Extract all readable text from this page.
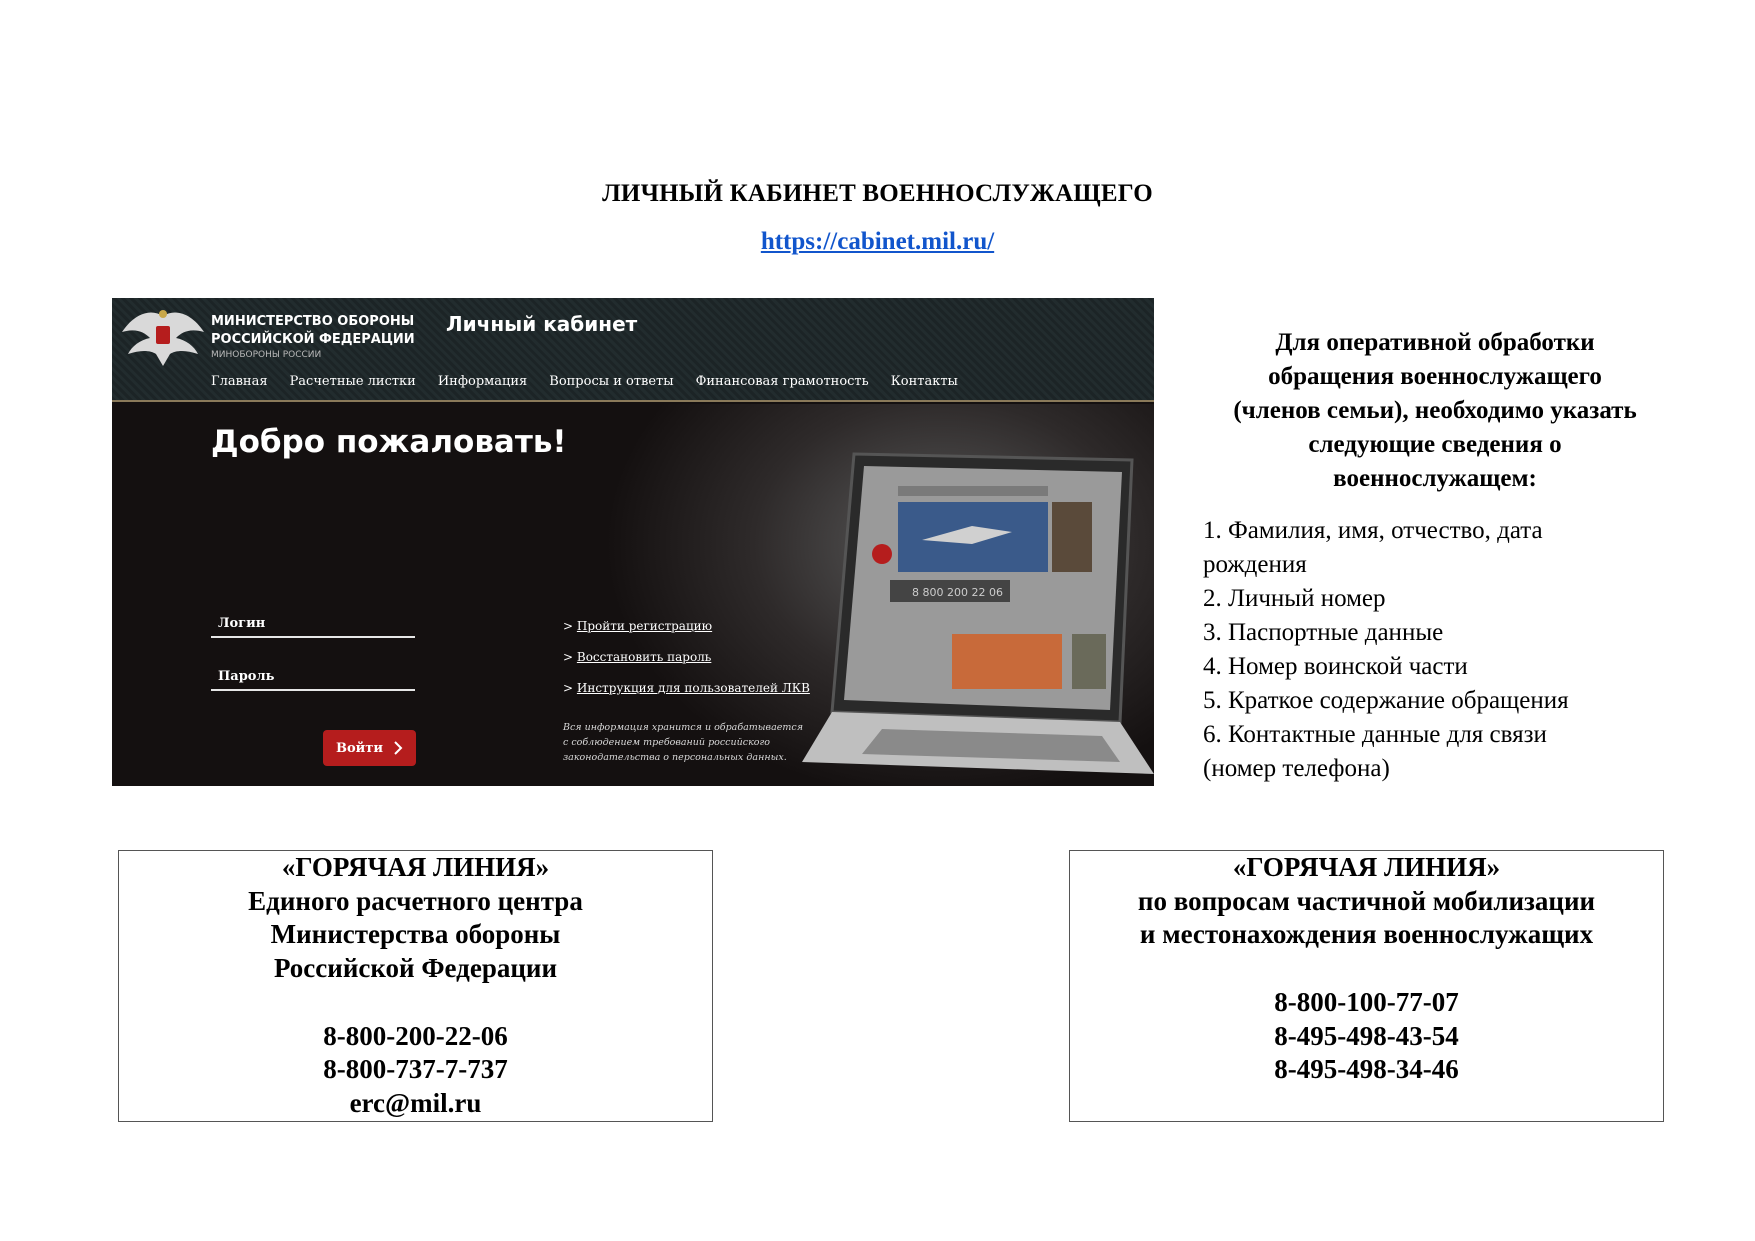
ЛИЧНЫЙ КАБИНЕТ ВОЕННОСЛУЖАЩЕГО
https://cabinet.mil.ru/
МИНИСТЕРСТВО ОБОРОНЫ
РОССИЙСКОЙ ФЕДЕРАЦИИ
МИНОБОРОНЫ РОССИИ
Личный кабинет
Главная Расчетные листки Информация Вопросы и ответы Финансовая грамотность Контакты
Добро пожаловать!
Логин
Пароль
Войти
> Пройти регистрацию
> Восстановить пароль
> Инструкция для пользователей ЛКВ
Вся информация хранится и обрабатывается
с соблюдением требований российского
законодательства о персональных данных.
8 800 200 22 06
Для оперативной обработки
обращения военнослужащего
(членов семьи), необходимо указать
следующие сведения о
военнослужащем:
1. Фамилия, имя, отчество, дата
рождения
2. Личный номер
3. Паспортные данные
4. Номер воинской части
5. Краткое содержание обращения
6. Контактные данные для связи
(номер телефона)
«ГОРЯЧАЯ ЛИНИЯ»
Единого расчетного центра
Министерства обороны
Российской Федерации
8-800-200-22-06
8-800-737-7-737
erc@mil.ru
«ГОРЯЧАЯ ЛИНИЯ»
по вопросам частичной мобилизации
и местонахождения военнослужащих
8-800-100-77-07
8-495-498-43-54
8-495-498-34-46
